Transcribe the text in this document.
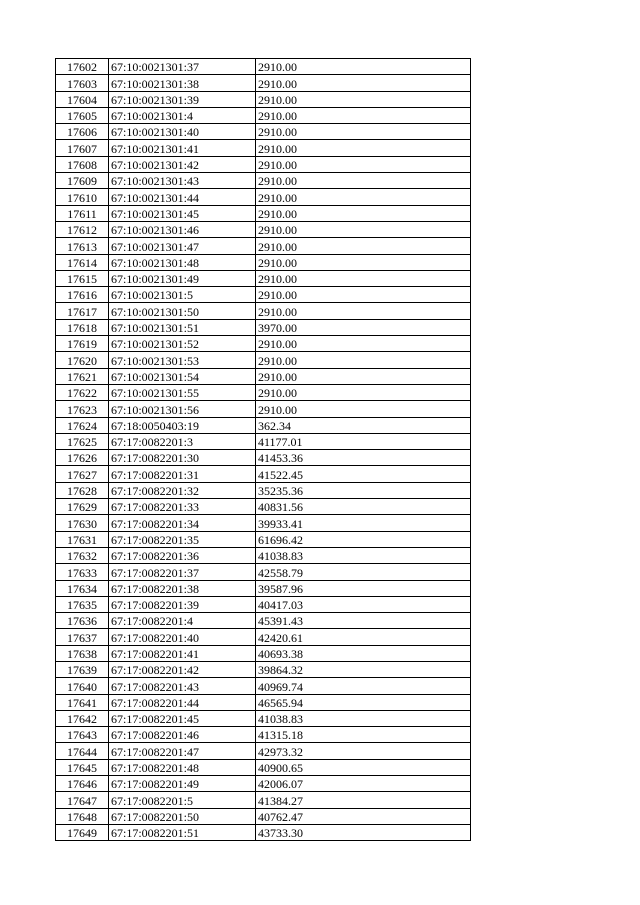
17602	67:10:0021301:37	2910.00
17603	67:10:0021301:38	2910.00
17604	67:10:0021301:39	2910.00
17605	67:10:0021301:4	2910.00
17606	67:10:0021301:40	2910.00
17607	67:10:0021301:41	2910.00
17608	67:10:0021301:42	2910.00
17609	67:10:0021301:43	2910.00
17610	67:10:0021301:44	2910.00
17611	67:10:0021301:45	2910.00
17612	67:10:0021301:46	2910.00
17613	67:10:0021301:47	2910.00
17614	67:10:0021301:48	2910.00
17615	67:10:0021301:49	2910.00
17616	67:10:0021301:5	2910.00
17617	67:10:0021301:50	2910.00
17618	67:10:0021301:51	3970.00
17619	67:10:0021301:52	2910.00
17620	67:10:0021301:53	2910.00
17621	67:10:0021301:54	2910.00
17622	67:10:0021301:55	2910.00
17623	67:10:0021301:56	2910.00
17624	67:18:0050403:19	362.34
17625	67:17:0082201:3	41177.01
17626	67:17:0082201:30	41453.36
17627	67:17:0082201:31	41522.45
17628	67:17:0082201:32	35235.36
17629	67:17:0082201:33	40831.56
17630	67:17:0082201:34	39933.41
17631	67:17:0082201:35	61696.42
17632	67:17:0082201:36	41038.83
17633	67:17:0082201:37	42558.79
17634	67:17:0082201:38	39587.96
17635	67:17:0082201:39	40417.03
17636	67:17:0082201:4	45391.43
17637	67:17:0082201:40	42420.61
17638	67:17:0082201:41	40693.38
17639	67:17:0082201:42	39864.32
17640	67:17:0082201:43	40969.74
17641	67:17:0082201:44	46565.94
17642	67:17:0082201:45	41038.83
17643	67:17:0082201:46	41315.18
17644	67:17:0082201:47	42973.32
17645	67:17:0082201:48	40900.65
17646	67:17:0082201:49	42006.07
17647	67:17:0082201:5	41384.27
17648	67:17:0082201:50	40762.47
17649	67:17:0082201:51	43733.30
